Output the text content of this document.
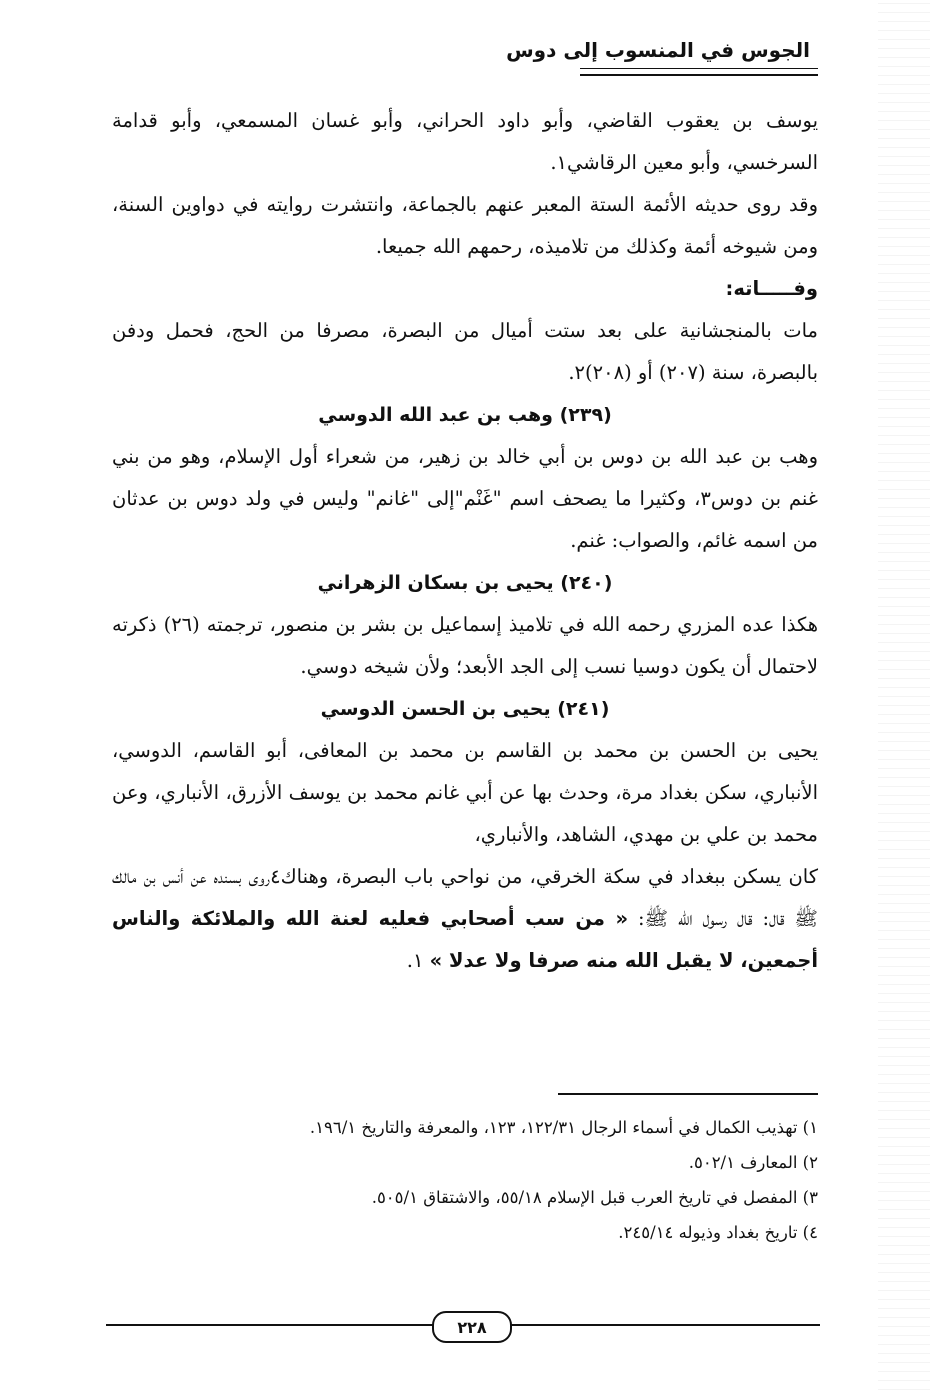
الجوس في المنسوب إلى دوس

يوسف بن يعقوب القاضي، وأبو داود الحراني، وأبو غسان المسمعي، وأبو قدامة السرخسي، وأبو معين الرقاشي١.

وقد روى حديثه الأئمة الستة المعبر عنهم بالجماعة، وانتشرت روايته في دواوين السنة، ومن شيوخه أئمة وكذلك من تلاميذه، رحمهم الله جميعا.

وفـــــاته:

مات بالمنجشانية على بعد ستت أميال من البصرة، مصرفا من الحج، فحمل ودفن بالبصرة، سنة (٢٠٧) أو (٢٠٨)٢.

(٢٣٩) وهب بن عبد الله الدوسي

وهب بن عبد الله بن دوس بن أبي خالد بن زهير، من شعراء أول الإسلام، وهو من بني غنم بن دوس٣، وكثيرا ما يصحف اسم "غَنْم"إلى "غانم" وليس في ولد دوس بن عدثان من اسمه غائم، والصواب: غنم.

(٢٤٠) يحيى بن بسكان الزهراني

هكذا عده المزري رحمه الله في تلاميذ إسماعيل بن بشر بن منصور، ترجمته (٢٦) ذكرته لاحتمال أن يكون دوسيا نسب إلى الجد الأبعد؛ ولأن شيخه دوسي.

(٢٤١) يحيى بن الحسن الدوسي

يحيى بن الحسن بن محمد بن القاسم بن محمد بن المعافى، أبو القاسم، الدوسي، الأنباري، سكن بغداد مرة، وحدث بها عن أبي غانم محمد بن يوسف الأزرق، الأنباري، وعن محمد بن علي بن مهدي، الشاهد، والأنباري،

كان يسكن ببغداد في سكة الخرقي، من نواحي باب البصرة، وهناك٤روى بسنده عن أنس بن مالك ﷺ قال: قال رسول الله ﷺ: « من سب أصحابي فعليه لعنة الله والملائكة والناس أجمعين، لا يقبل الله منه صرفا ولا عدلا » ١.

١) تهذيب الكمال في أسماء الرجال ١٢٢/٣١، ١٢٣، والمعرفة والتاريخ ١٩٦/١.

٢) المعارف ٥٠٢/١.

٣) المفصل في تاريخ العرب قبل الإسلام ٥٥/١٨، والاشتقاق ٥٠٥/١.

٤) تاريخ بغداد وذيوله ٢٤٥/١٤.

٢٢٨
